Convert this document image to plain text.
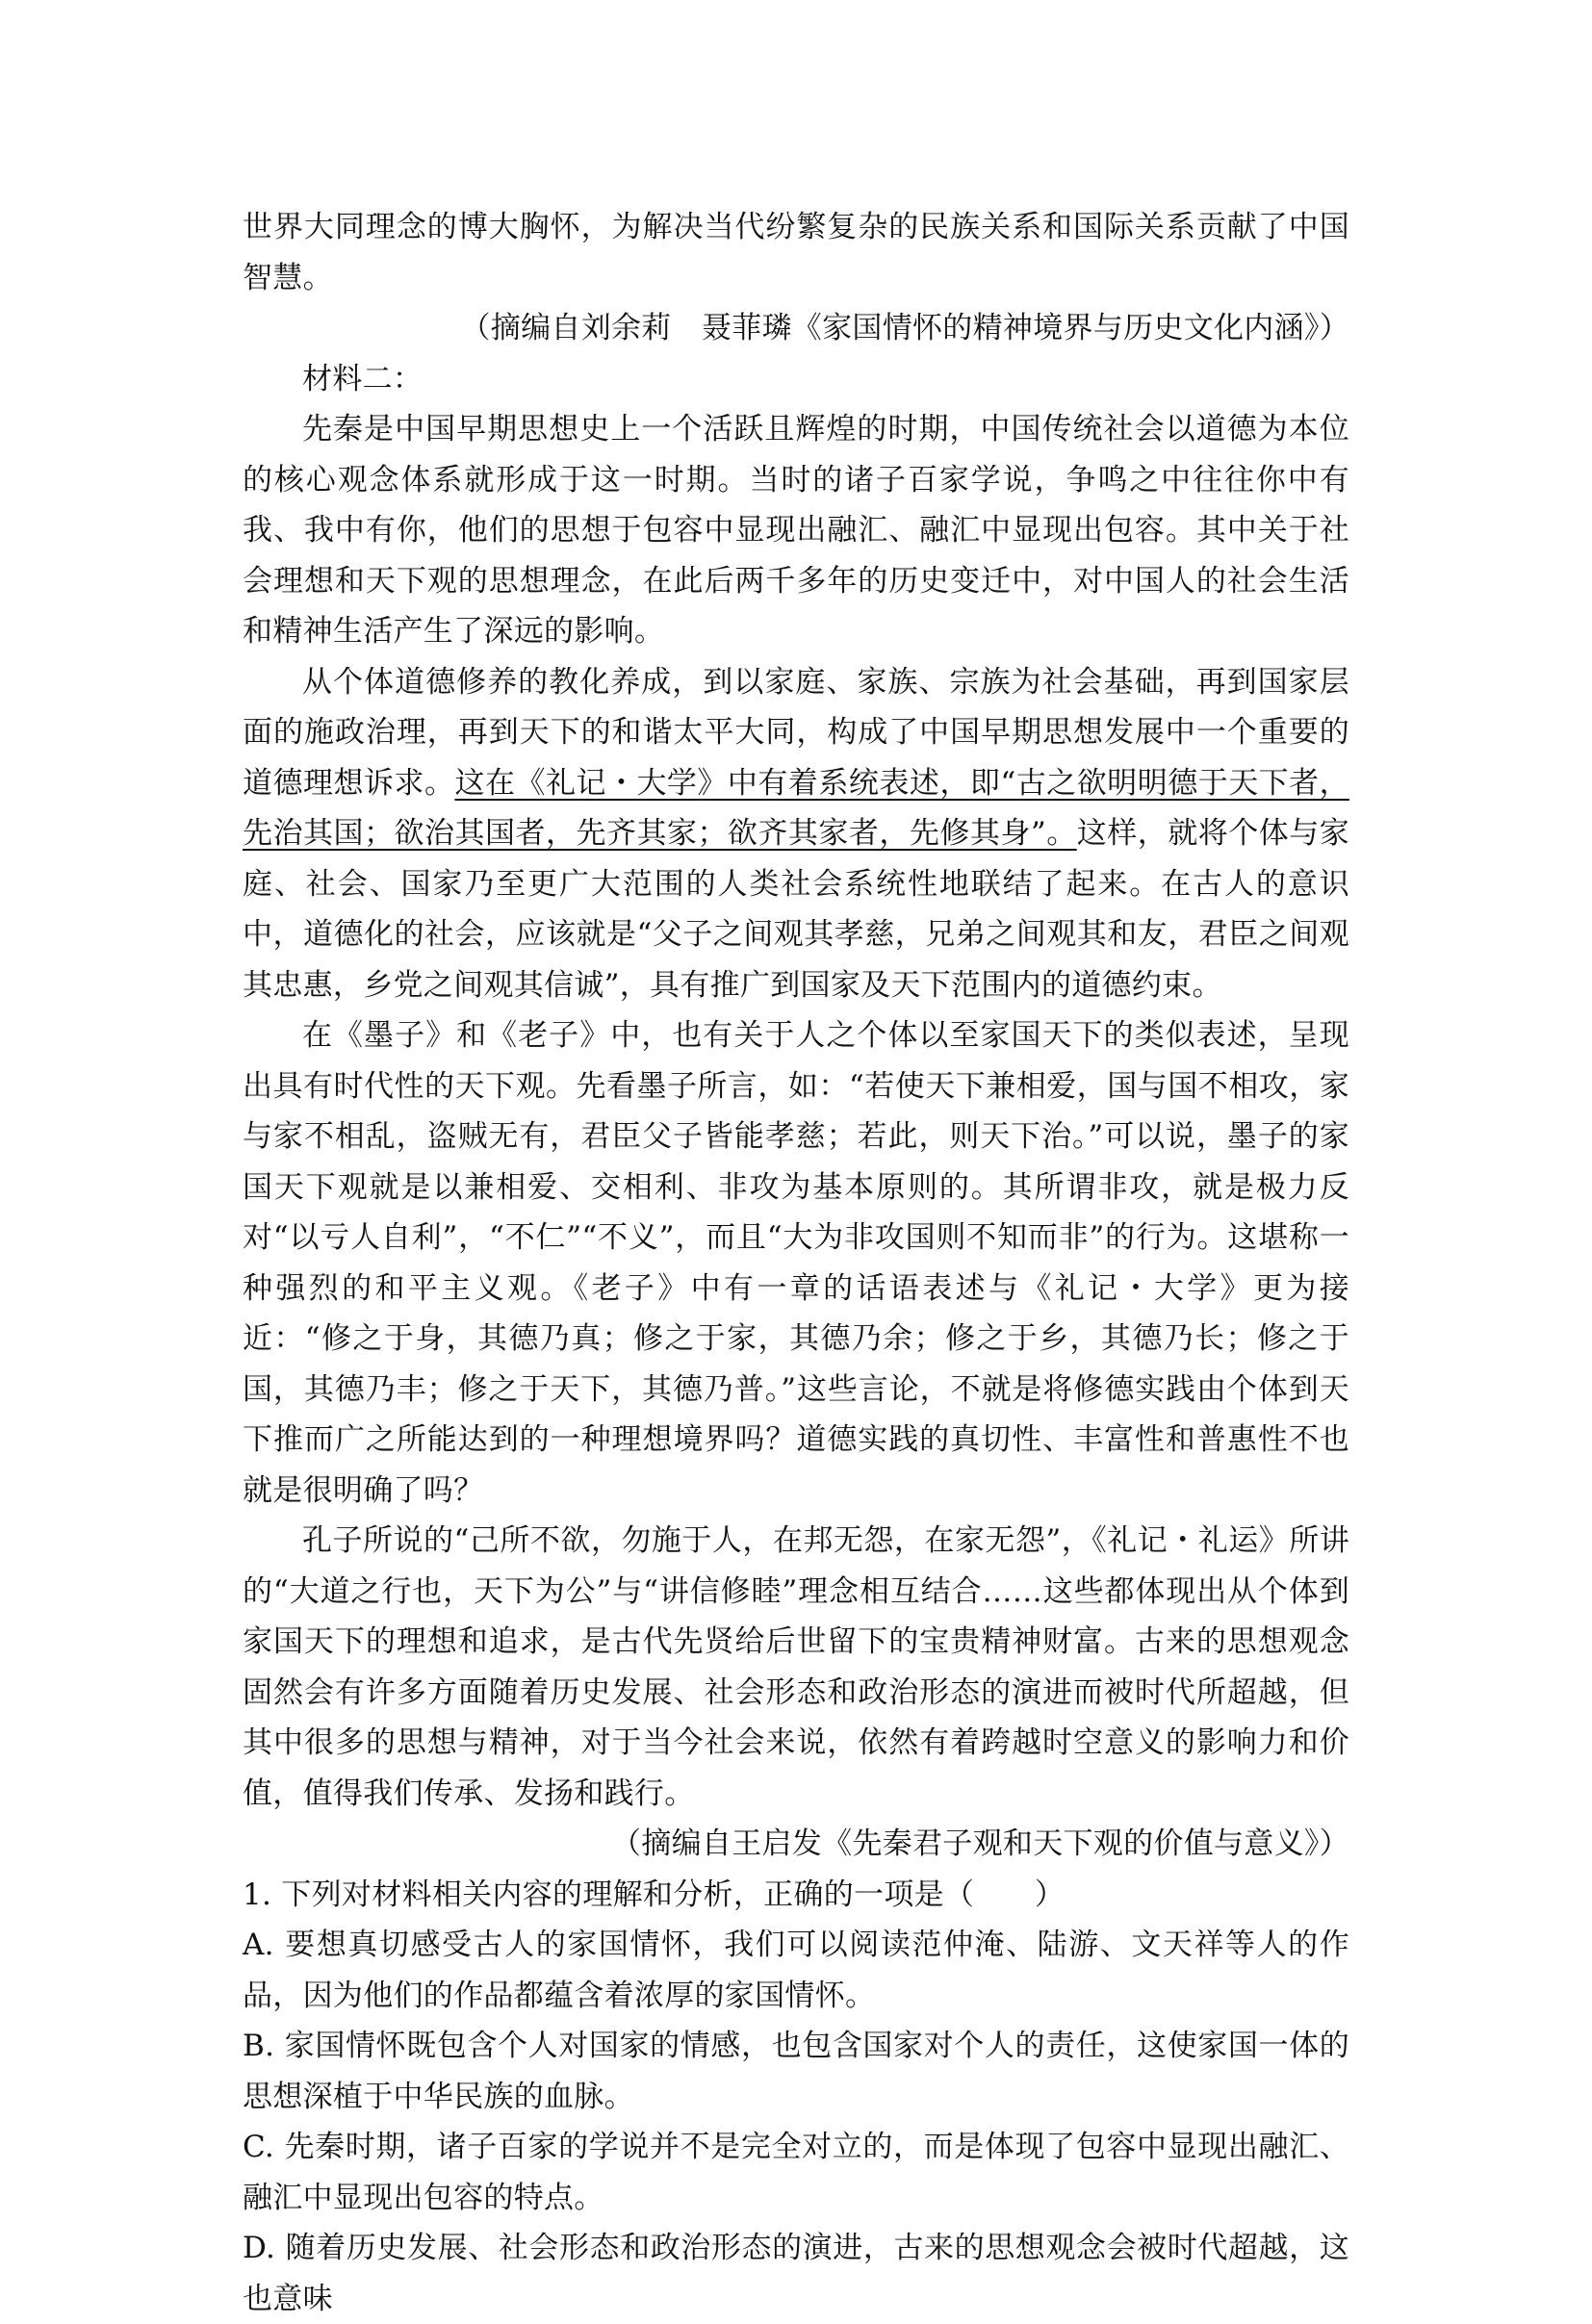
世界大同理念的博大胸怀，为解决当代纷繁复杂的民族关系和国际关系贡献了中国智慧。

（摘编自刘余莉　聂菲璘《家国情怀的精神境界与历史文化内涵》）

材料二：

先秦是中国早期思想史上一个活跃且辉煌的时期，中国传统社会以道德为本位的核心观念体系就形成于这一时期。当时的诸子百家学说，争鸣之中往往你中有我、我中有你，他们的思想于包容中显现出融汇、融汇中显现出包容。其中关于社会理想和天下观的思想理念，在此后两千多年的历史变迁中，对中国人的社会生活和精神生活产生了深远的影响。

从个体道德修养的教化养成，到以家庭、家族、宗族为社会基础，再到国家层面的施政治理，再到天下的和谐太平大同，构成了中国早期思想发展中一个重要的道德理想诉求。这在《礼记・大学》中有着系统表述，即“古之欲明明德于天下者，先治其国；欲治其国者，先齐其家；欲齐其家者，先修其身”。这样，就将个体与家庭、社会、国家乃至更广大范围的人类社会系统性地联结了起来。在古人的意识中，道德化的社会，应该就是“父子之间观其孝慈，兄弟之间观其和友，君臣之间观其忠惠，乡党之间观其信诚”，具有推广到国家及天下范围内的道德约束。

在《墨子》和《老子》中，也有关于人之个体以至家国天下的类似表述，呈现出具有时代性的天下观。先看墨子所言，如：“若使天下兼相爱，国与国不相攻，家与家不相乱，盗贼无有，君臣父子皆能孝慈；若此，则天下治。”可以说，墨子的家国天下观就是以兼相爱、交相利、非攻为基本原则的。其所谓非攻，就是极力反对“以亏人自利”，“不仁”“不义”，而且“大为非攻国则不知而非”的行为。这堪称一种强烈的和平主义观。《老子》中有一章的话语表述与《礼记・大学》更为接近：“修之于身，其德乃真；修之于家，其德乃余；修之于乡，其德乃长；修之于国，其德乃丰；修之于天下，其德乃普。”这些言论，不就是将修德实践由个体到天下推而广之所能达到的一种理想境界吗？道德实践的真切性、丰富性和普惠性不也就是很明确了吗？

孔子所说的“己所不欲，勿施于人，在邦无怨，在家无怨”，《礼记・礼运》所讲的“大道之行也，天下为公”与“讲信修睦”理念相互结合……这些都体现出从个体到家国天下的理想和追求，是古代先贤给后世留下的宝贵精神财富。古来的思想观念固然会有许多方面随着历史发展、社会形态和政治形态的演进而被时代所超越，但其中很多的思想与精神，对于当今社会来说，依然有着跨越时空意义的影响力和价值，值得我们传承、发扬和践行。

（摘编自王启发《先秦君子观和天下观的价值与意义》）

1. 下列对材料相关内容的理解和分析，正确的一项是（　　）

A. 要想真切感受古人的家国情怀，我们可以阅读范仲淹、陆游、文天祥等人的作品，因为他们的作品都蕴含着浓厚的家国情怀。

B. 家国情怀既包含个人对国家的情感，也包含国家对个人的责任，这使家国一体的思想深植于中华民族的血脉。

C. 先秦时期，诸子百家的学说并不是完全对立的，而是体现了包容中显现出融汇、融汇中显现出包容的特点。

D. 随着历史发展、社会形态和政治形态的演进，古来的思想观念会被时代超越，这也意味
